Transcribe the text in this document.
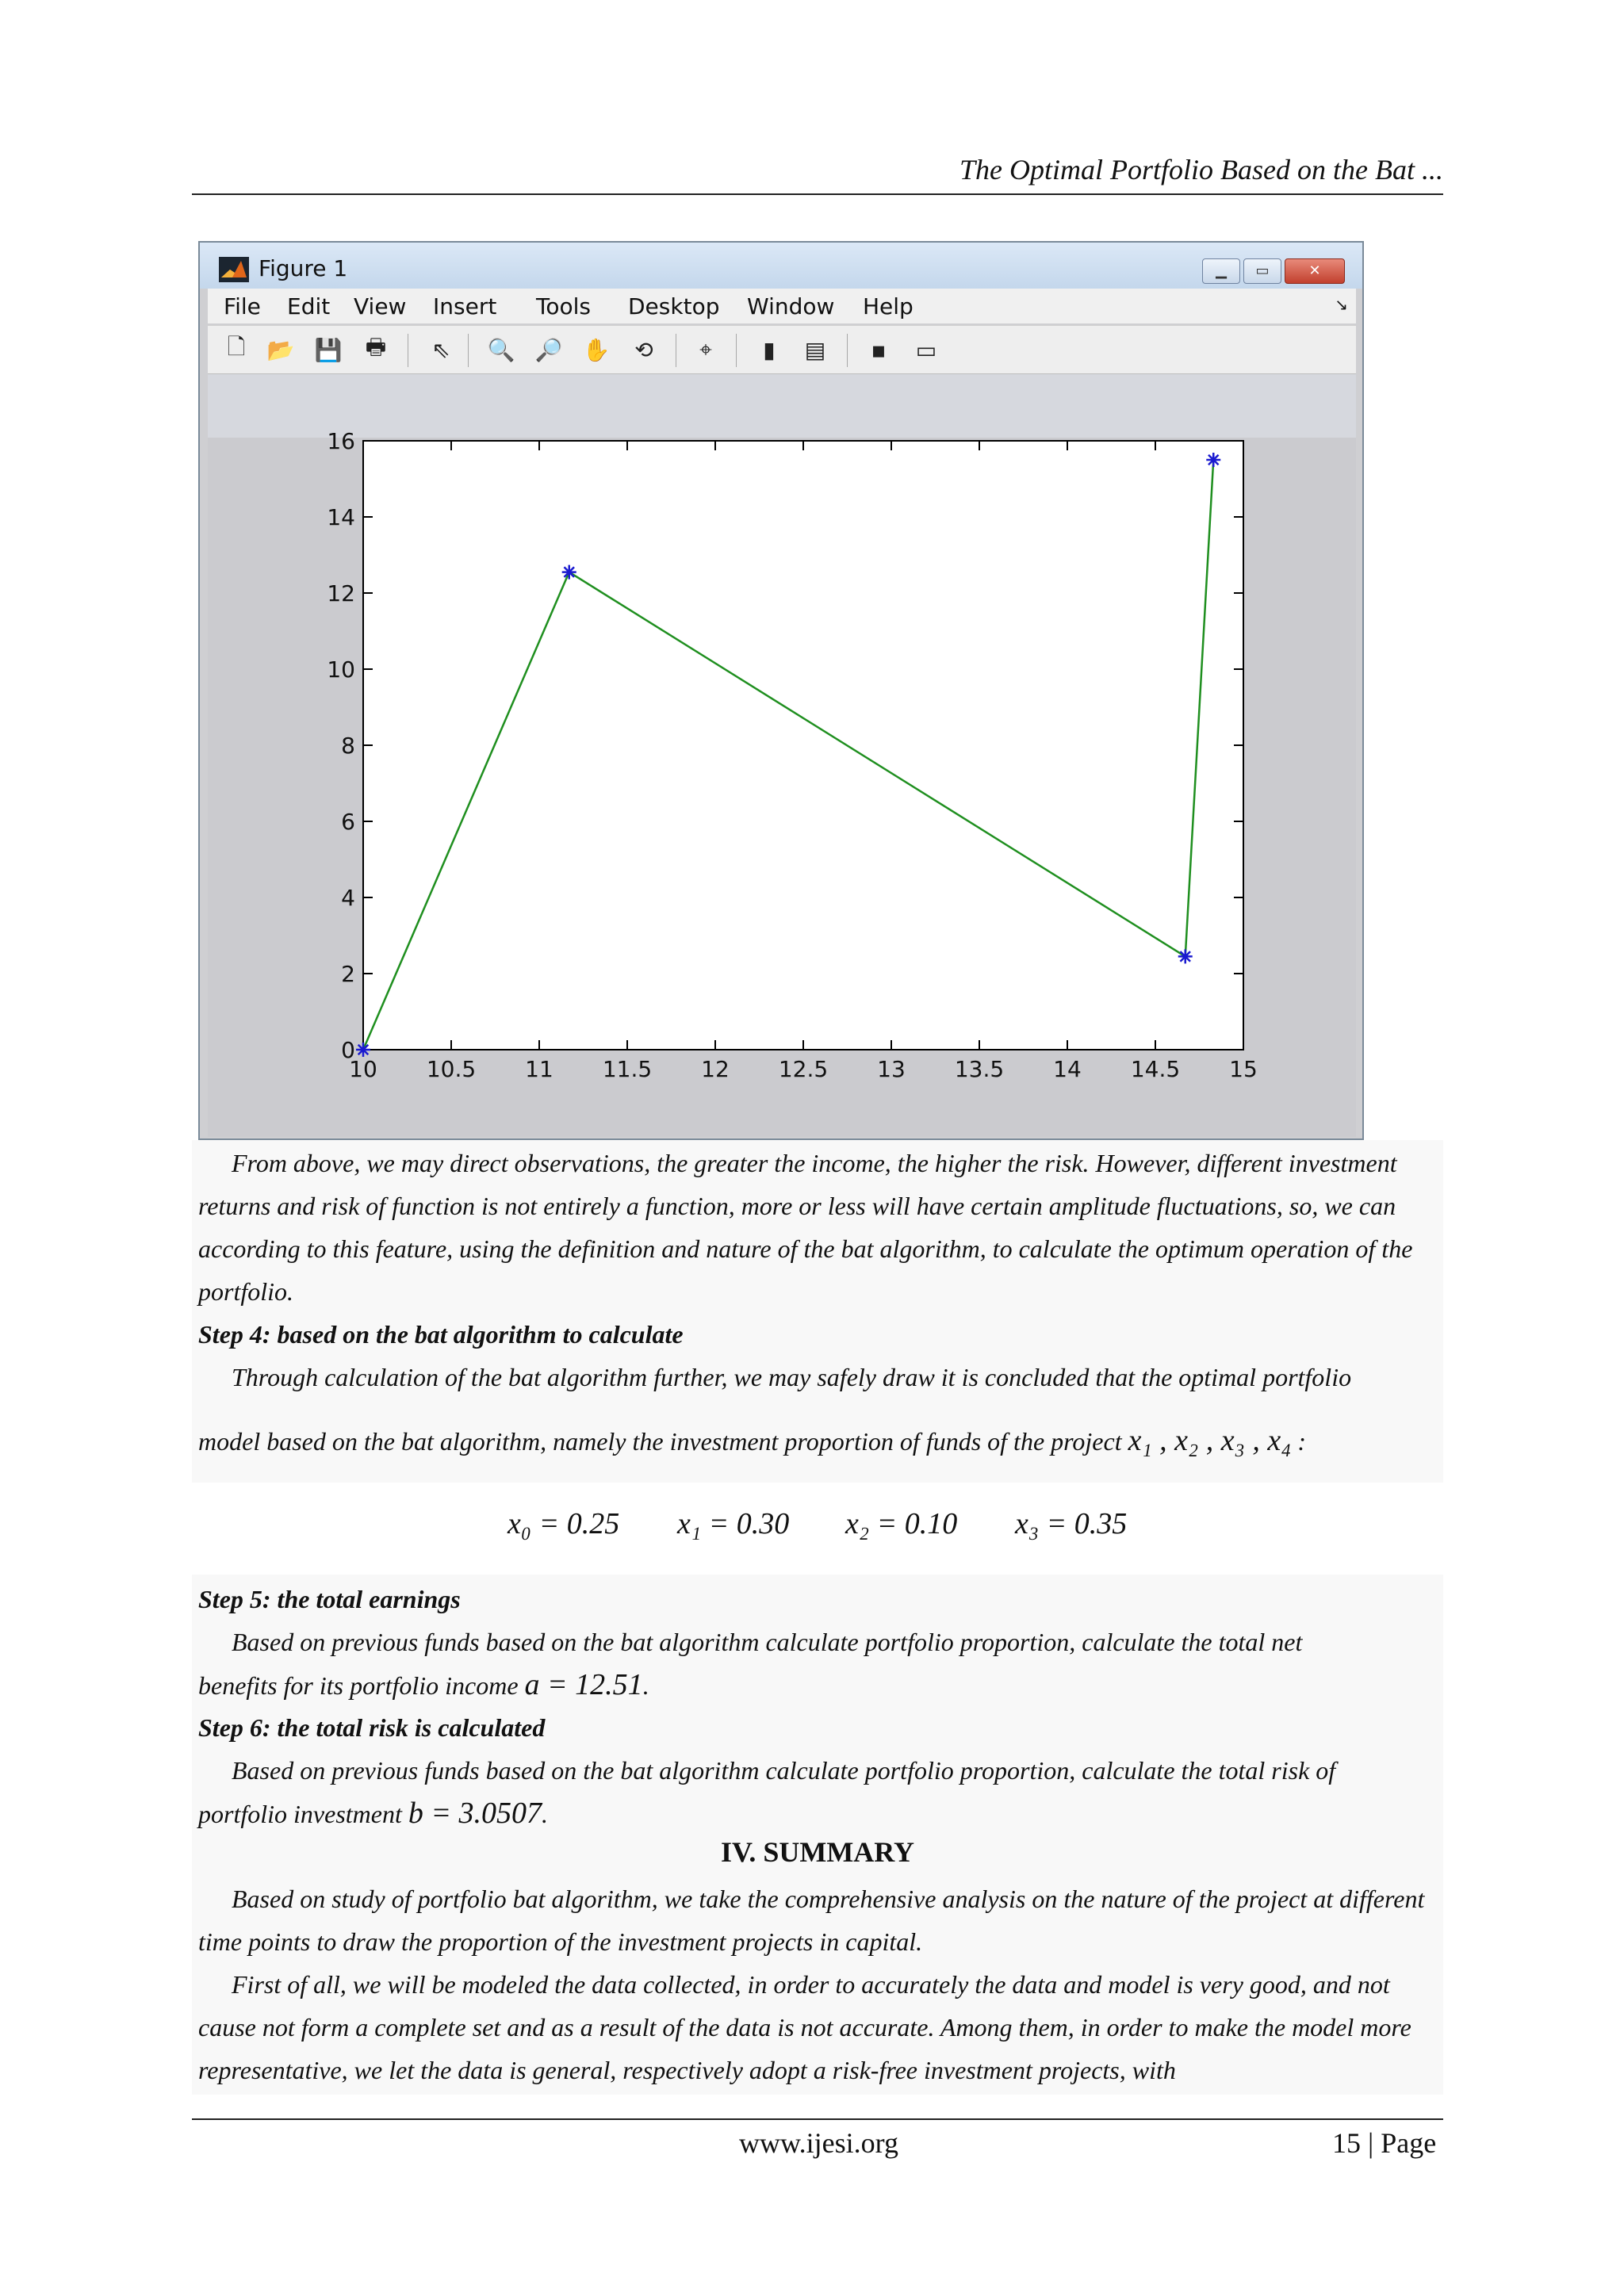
The Optimal Portfolio Based on the Bat ...
Figure 1	▁	▭	✕
File Edit View Insert Tools Desktop Window Help	↘
🗋 📂 💾 🖶 ⇖ 🔍 🔎 ✋ ⟲	⌖	▮	▤	▪	▭
10 10.5 11 11.5 12 12.5 13 13.5 14 14.5 15
0
2
4
6
8
10
12
14
16
From above, we may direct observations, the greater the income, the higher the risk. However, different investment returns and risk of function is not entirely a function, more or less will have certain amplitude fluctuations, so, we can according to this feature, using the definition and nature of the bat algorithm, to calculate the optimum operation of the portfolio.
Step 4: based on the bat algorithm to calculate
Through calculation of the bat algorithm further, we may safely draw it is concluded that the optimal portfolio
model based on the bat algorithm, namely the investment proportion of funds of the project x₁ , x₂ , x₃ , x₄ :
x₀ = 0.25 x₁ = 0.30 x₂ = 0.10 x₃ = 0.35
Step 5: the total earnings
Based on previous funds based on the bat algorithm calculate portfolio proportion, calculate the total net
benefits for its portfolio income a = 12.51.
Step 6: the total risk is calculated
Based on previous funds based on the bat algorithm calculate portfolio proportion, calculate the total risk of
portfolio investment b = 3.0507.
IV. SUMMARY
Based on study of portfolio bat algorithm, we take the comprehensive analysis on the nature of the project at different time points to draw the proportion of the investment projects in capital.
First of all, we will be modeled the data collected, in order to accurately the data and model is very good, and not cause not form a complete set and as a result of the data is not accurate. Among them, in order to make the model more representative, we let the data is general, respectively adopt a risk-free investment projects, with
www.ijesi.org	15 | Page
